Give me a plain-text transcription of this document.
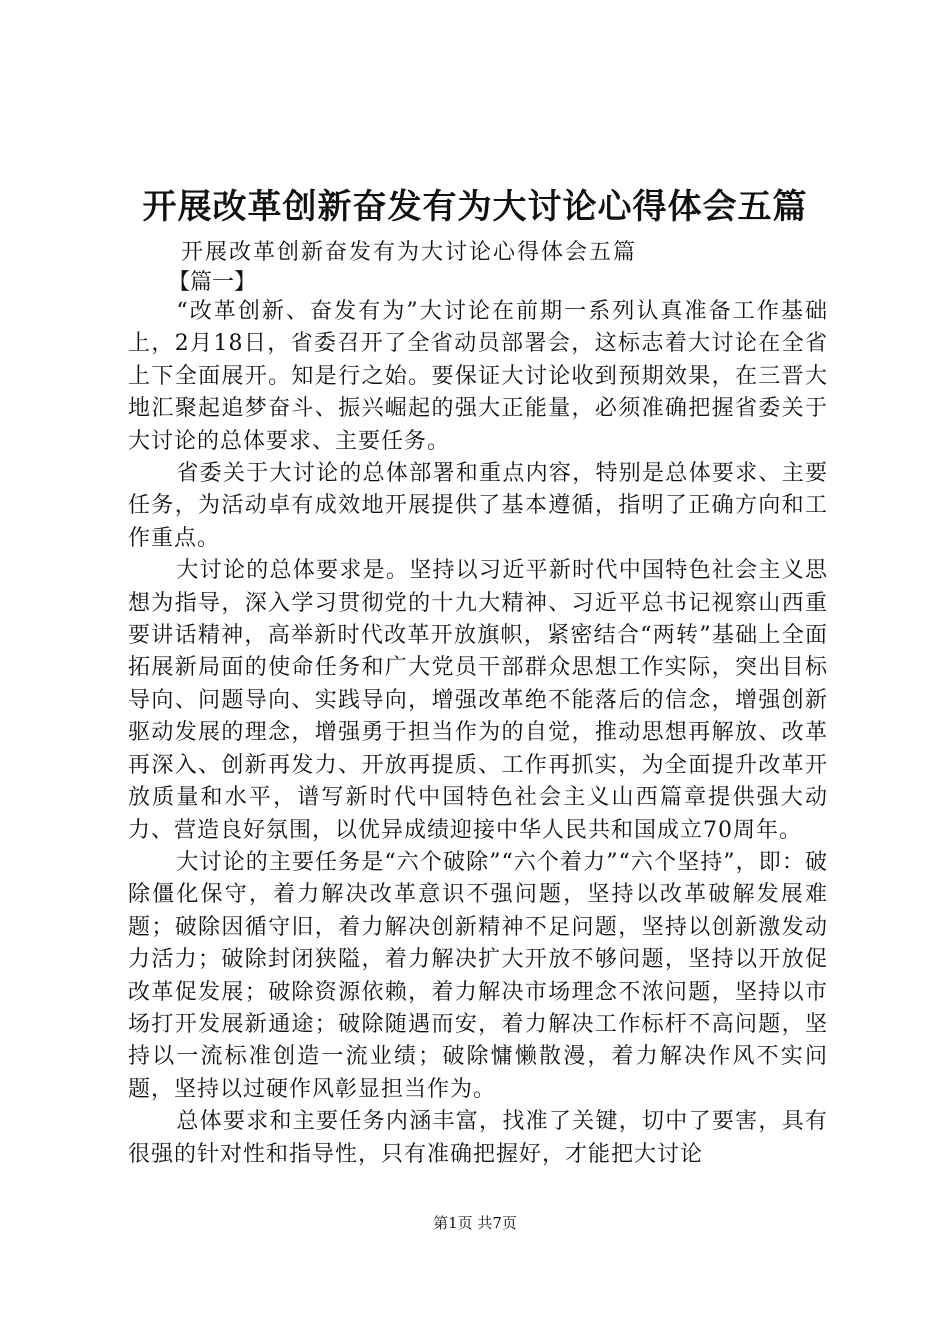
开展改革创新奋发有为大讨论心得体会五篇
开展改革创新奋发有为大讨论心得体会五篇
【篇一】

“改革创新、奋发有为”大讨论在前期一系列认真准备工作基础上，2月18日，省委召开了全省动员部署会，这标志着大讨论在全省上下全面展开。知是行之始。要保证大讨论收到预期效果，在三晋大地汇聚起追梦奋斗、振兴崛起的强大正能量，必须准确把握省委关于大讨论的总体要求、主要任务。

省委关于大讨论的总体部署和重点内容，特别是总体要求、主要任务，为活动卓有成效地开展提供了基本遵循，指明了正确方向和工作重点。

大讨论的总体要求是。坚持以习近平新时代中国特色社会主义思想为指导，深入学习贯彻党的十九大精神、习近平总书记视察山西重要讲话精神，高举新时代改革开放旗帜，紧密结合“两转”基础上全面拓展新局面的使命任务和广大党员干部群众思想工作实际，突出目标导向、问题导向、实践导向，增强改革绝不能落后的信念，增强创新驱动发展的理念，增强勇于担当作为的自觉，推动思想再解放、改革再深入、创新再发力、开放再提质、工作再抓实，为全面提升改革开放质量和水平，谱写新时代中国特色社会主义山西篇章提供强大动力、营造良好氛围，以优异成绩迎接中华人民共和国成立70周年。

大讨论的主要任务是“六个破除”“六个着力”“六个坚持”，即：破除僵化保守，着力解决改革意识不强问题，坚持以改革破解发展难题；破除因循守旧，着力解决创新精神不足问题，坚持以创新激发动力活力；破除封闭狭隘，着力解决扩大开放不够问题，坚持以开放促改革促发展；破除资源依赖，着力解决市场理念不浓问题，坚持以市场打开发展新通途；破除随遇而安，着力解决工作标杆不高问题，坚持以一流标准创造一流业绩；破除慵懒散漫，着力解决作风不实问题，坚持以过硬作风彰显担当作为。

总体要求和主要任务内涵丰富，找准了关键，切中了要害，具有很强的针对性和指导性，只有准确把握好，才能把大讨论

第1页 共7页
